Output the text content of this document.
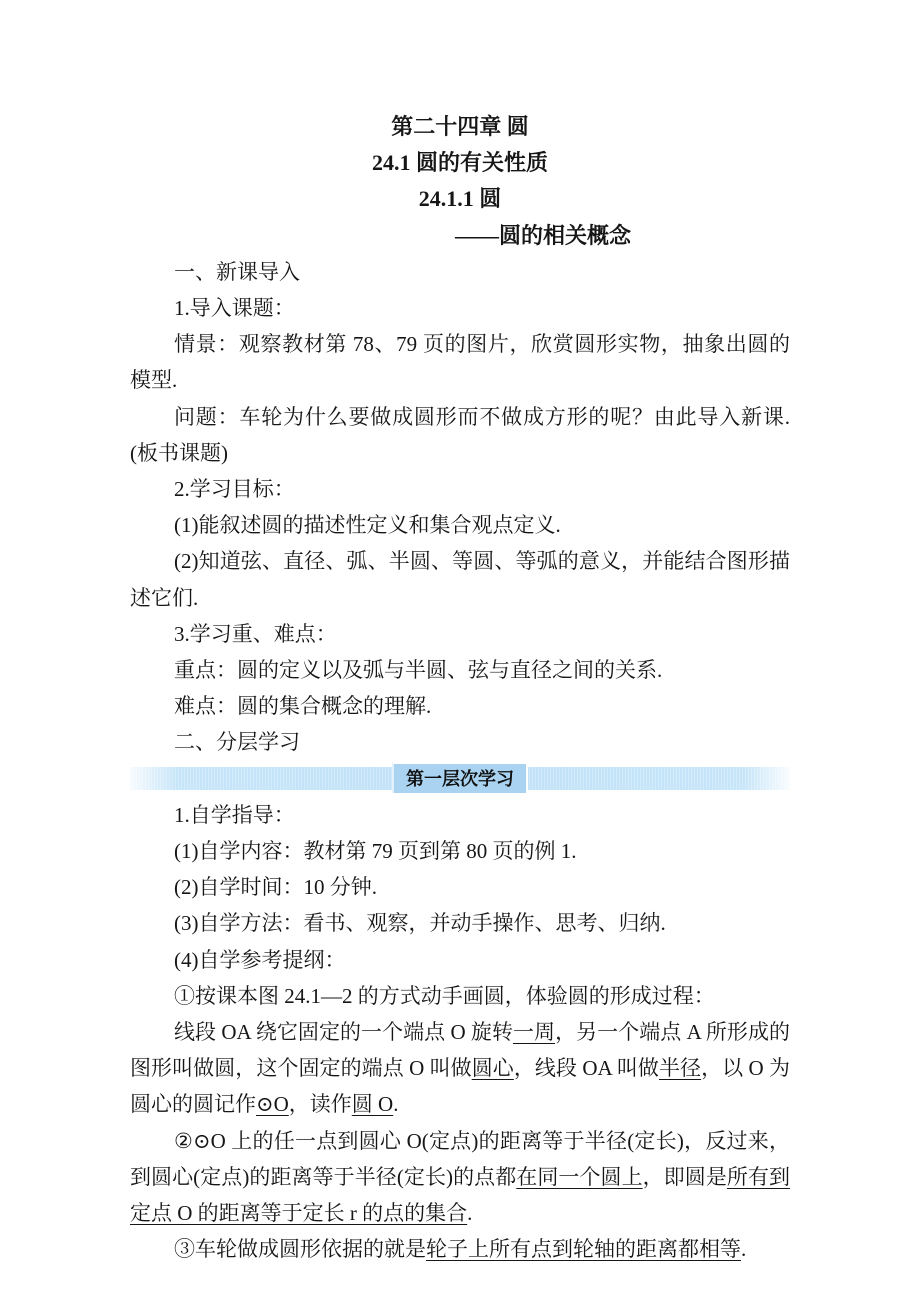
第二十四章 圆

24.1 圆的有关性质

24.1.1 圆

——圆的相关概念

一、新课导入

1.导入课题：

情景：观察教材第 78、79 页的图片，欣赏圆形实物，抽象出圆的模型.

问题：车轮为什么要做成圆形而不做成方形的呢？由此导入新课.(板书课题)

2.学习目标：

(1)能叙述圆的描述性定义和集合观点定义.

(2)知道弦、直径、弧、半圆、等圆、等弧的意义，并能结合图形描述它们.

3.学习重、难点：

重点：圆的定义以及弧与半圆、弦与直径之间的关系.

难点：圆的集合概念的理解.

二、分层学习

第一层次学习

1.自学指导：

(1)自学内容：教材第 79 页到第 80 页的例 1.

(2)自学时间：10 分钟.

(3)自学方法：看书、观察，并动手操作、思考、归纳.

(4)自学参考提纲：

①按课本图 24.1—2 的方式动手画圆，体验圆的形成过程：

线段 OA 绕它固定的一个端点 O 旋转一周，另一个端点 A 所形成的图形叫做圆，这个固定的端点 O 叫做圆心，线段 OA 叫做半径，以 O 为圆心的圆记作⊙O，读作圆 O.

②⊙O 上的任一点到圆心 O(定点)的距离等于半径(定长)，反过来，到圆心(定点)的距离等于半径(定长)的点都在同一个圆上，即圆是所有到定点 O 的距离等于定长 r 的点的集合.

③车轮做成圆形依据的就是轮子上所有点到轮轴的距离都相等.
